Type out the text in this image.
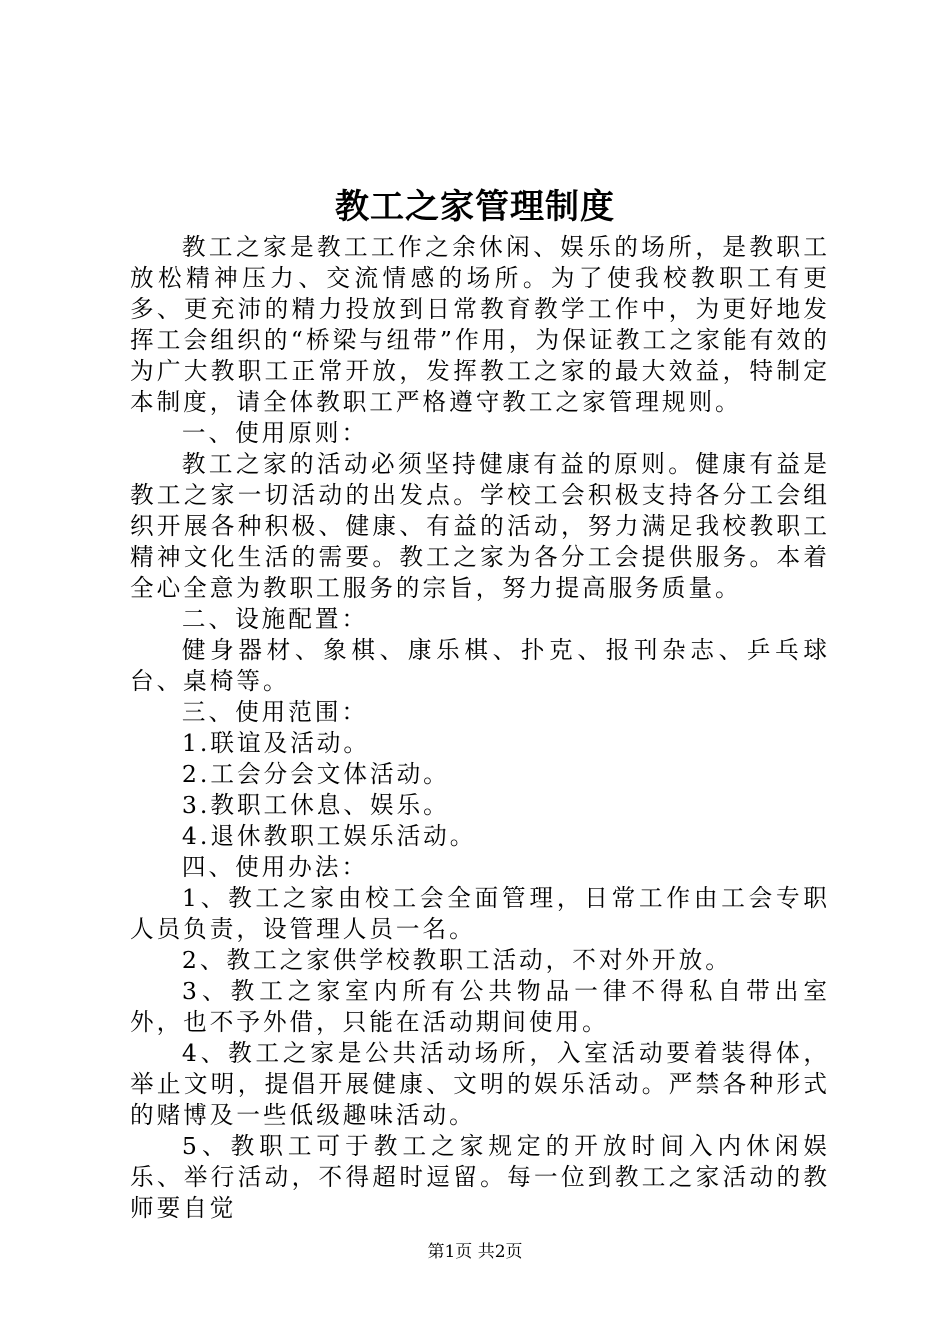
教工之家管理制度

教工之家是教工工作之余休闲、娱乐的场所，是教职工放松精神压力、交流情感的场所。为了使我校教职工有更多、更充沛的精力投放到日常教育教学工作中，为更好地发挥工会组织的“桥梁与纽带”作用，为保证教工之家能有效的为广大教职工正常开放，发挥教工之家的最大效益，特制定本制度，请全体教职工严格遵守教工之家管理规则。

一、使用原则：

教工之家的活动必须坚持健康有益的原则。健康有益是教工之家一切活动的出发点。学校工会积极支持各分工会组织开展各种积极、健康、有益的活动，努力满足我校教职工精神文化生活的需要。教工之家为各分工会提供服务。本着全心全意为教职工服务的宗旨，努力提高服务质量。

二、设施配置：

健身器材、象棋、康乐棋、扑克、报刊杂志、乒乓球台、桌椅等。

三、使用范围：

1.联谊及活动。

2.工会分会文体活动。

3.教职工休息、娱乐。

4.退休教职工娱乐活动。

四、使用办法：

1、教工之家由校工会全面管理，日常工作由工会专职人员负责，设管理人员一名。

2、教工之家供学校教职工活动，不对外开放。

3、教工之家室内所有公共物品一律不得私自带出室外，也不予外借，只能在活动期间使用。

4、教工之家是公共活动场所，入室活动要着装得体，举止文明，提倡开展健康、文明的娱乐活动。严禁各种形式的赌博及一些低级趣味活动。

5、教职工可于教工之家规定的开放时间入内休闲娱乐、举行活动，不得超时逗留。每一位到教工之家活动的教师要自觉

第1页 共2页
